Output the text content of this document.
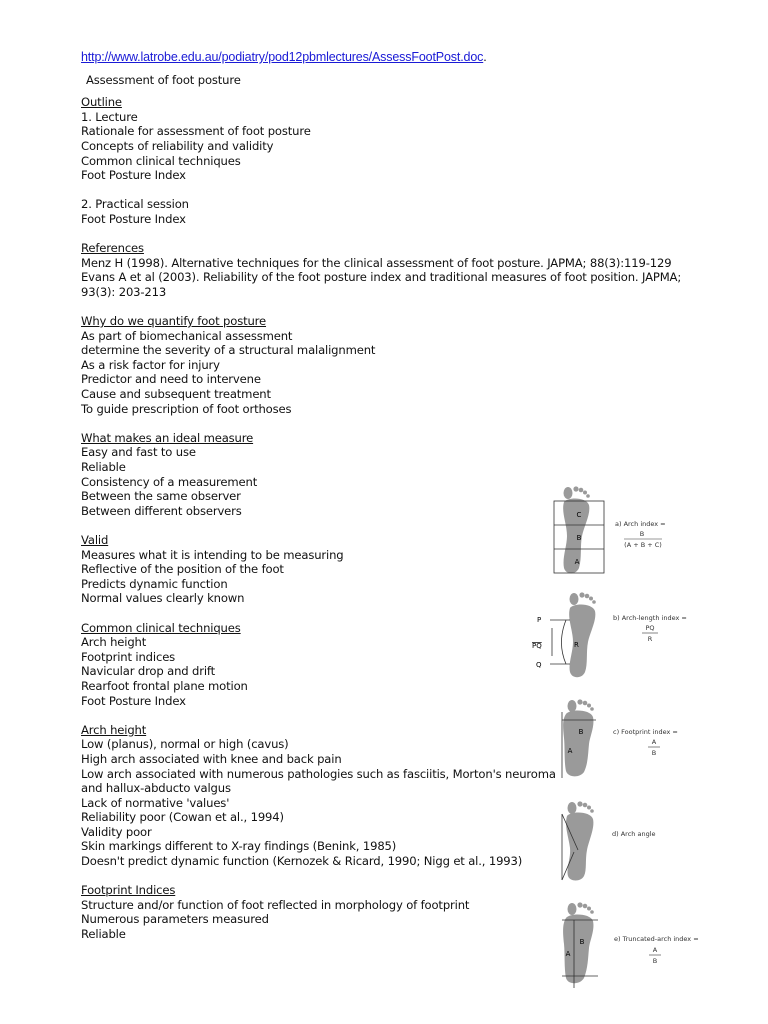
http://www.latrobe.edu.au/podiatry/pod12pbmlectures/AssessFootPost.doc.
Assessment of foot posture
Outline
1. Lecture
Rationale for assessment of foot posture
Concepts of reliability and validity
Common clinical techniques
Foot Posture Index
2. Practical session
Foot Posture Index
References
Menz H (1998). Alternative techniques for the clinical assessment of foot posture. JAPMA; 88(3):119-129
Evans A et al (2003). Reliability of the foot posture index and traditional measures of foot position. JAPMA; 93(3): 203-213
Why do we quantify foot posture
As part of biomechanical assessment
determine the severity of a structural malalignment
As a risk factor for injury
Predictor and need to intervene
Cause and subsequent treatment
To guide prescription of foot orthoses
What makes an ideal measure
Easy and fast to use
Reliable
Consistency of a measurement
Between the same observer
Between different observers
Valid
Measures what it is intending to be measuring
Reflective of the position of the foot
Predicts dynamic function
Normal values clearly known
Common clinical techniques
Arch height
Footprint indices
Navicular drop and drift
Rearfoot frontal plane motion
Foot Posture Index
Arch height
Low (planus), normal or high (cavus)
High arch associated with knee and back pain
Low arch associated with numerous pathologies such as fasciitis, Morton's neuroma
and hallux-abducto valgus
Lack of normative 'values'
Reliability poor (Cowan et al., 1994)
Validity poor
Skin markings different to X-ray findings (Benink, 1985)
Doesn't predict dynamic function (Kernozek & Ricard, 1990; Nigg et al., 1993)
Footprint Indices
Structure and/or function of foot reflected in morphology of footprint
Numerous parameters measured
Reliable
C
B
A
a) Arch index =
B
(A + B + C)
P
PQ	R
Q
b) Arch-length index =
PQ
R
B
A
c) Footprint index =
A
B
d) Arch angle
B
A
e) Truncated-arch index =
A
B
